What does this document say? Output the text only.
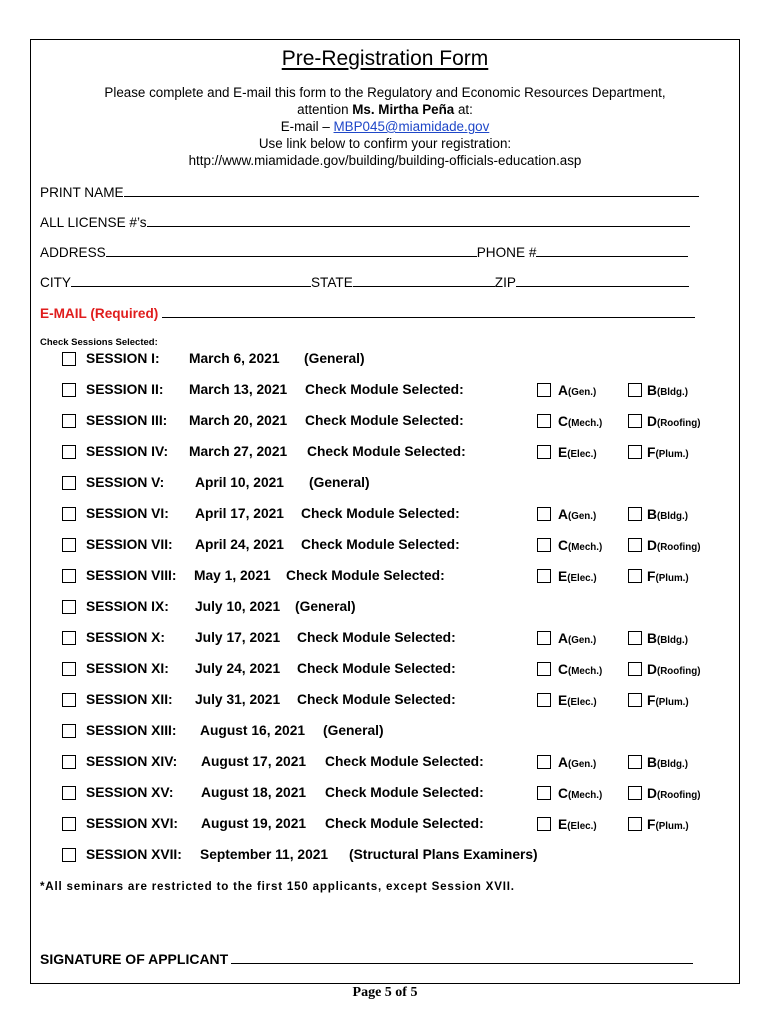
Pre-Registration Form
Please complete and E-mail this form to the Regulatory and Economic Resources Department,
attention Ms. Mirtha Peña at:
E-mail – MBP045@miamidade.gov
Use link below to confirm your registration:
http://www.miamidade.gov/building/building-officials-education.asp
PRINT NAME
ALL LICENSE #’s
ADDRESS	PHONE #
CITY	STATE	ZIP
E-MAIL (Required)
Check Sessions Selected:
SESSION I: March 6, 2021 (General)
SESSION II: March 13, 2021 Check Module Selected:	A(Gen.)	B(Bldg.)
SESSION III: March 20, 2021 Check Module Selected:	C(Mech.)	D(Roofing)
SESSION IV: March 27, 2021 Check Module Selected:	E(Elec.)	F(Plum.)
SESSION V: April 10, 2021 (General)
SESSION VI: April 17, 2021 Check Module Selected:	A(Gen.)	B(Bldg.)
SESSION VII: April 24, 2021 Check Module Selected:	C(Mech.)	D(Roofing)
SESSION VIII: May 1, 2021 Check Module Selected:	E(Elec.)	F(Plum.)
SESSION IX: July 10, 2021 (General)
SESSION X: July 17, 2021 Check Module Selected:	A(Gen.)	B(Bldg.)
SESSION XI: July 24, 2021 Check Module Selected:	C(Mech.)	D(Roofing)
SESSION XII: July 31, 2021 Check Module Selected:	E(Elec.)	F(Plum.)
SESSION XIII: August 16, 2021 (General)
SESSION XIV: August 17, 2021 Check Module Selected:	A(Gen.)	B(Bldg.)
SESSION XV: August 18, 2021 Check Module Selected:	C(Mech.)	D(Roofing)
SESSION XVI: August 19, 2021 Check Module Selected:	E(Elec.)	F(Plum.)
SESSION XVII: September 11, 2021 (Structural Plans Examiners)
*All seminars are restricted to the first 150 applicants, except Session XVII.
SIGNATURE OF APPLICANT
Page 5 of 5
